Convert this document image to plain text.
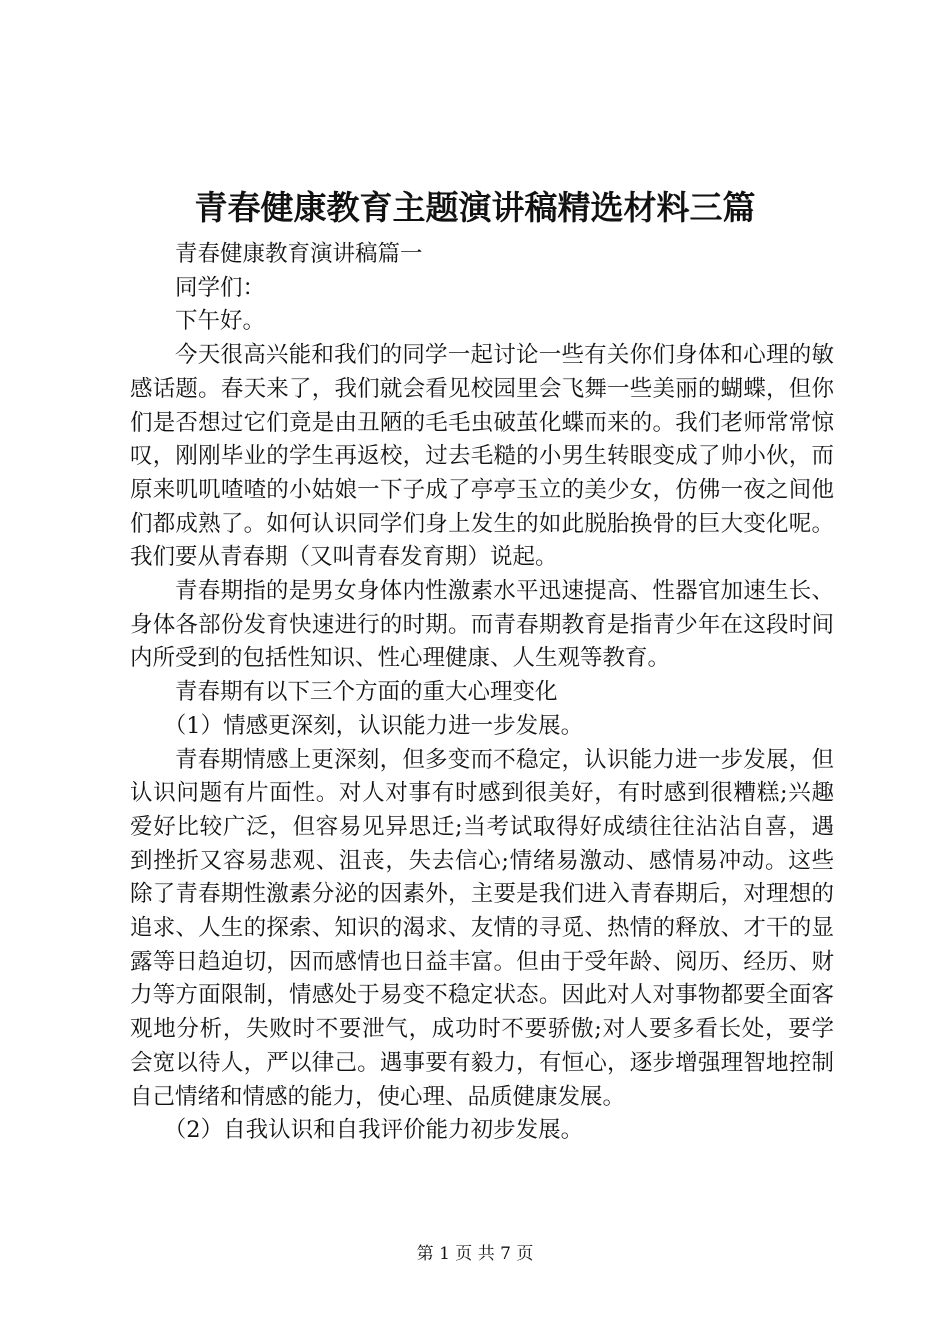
青春健康教育主题演讲稿精选材料三篇

青春健康教育演讲稿篇一

同学们：

下午好。

今天很高兴能和我们的同学一起讨论一些有关你们身体和心理的敏感话题。春天来了，我们就会看见校园里会飞舞一些美丽的蝴蝶，但你们是否想过它们竟是由丑陋的毛毛虫破茧化蝶而来的。我们老师常常惊叹，刚刚毕业的学生再返校，过去毛糙的小男生转眼变成了帅小伙，而原来叽叽喳喳的小姑娘一下子成了亭亭玉立的美少女，仿佛一夜之间他们都成熟了。如何认识同学们身上发生的如此脱胎换骨的巨大变化呢。我们要从青春期（又叫青春发育期）说起。

青春期指的是男女身体内性激素水平迅速提高、性器官加速生长、身体各部份发育快速进行的时期。而青春期教育是指青少年在这段时间内所受到的包括性知识、性心理健康、人生观等教育。

青春期有以下三个方面的重大心理变化

（1）情感更深刻，认识能力进一步发展。

青春期情感上更深刻，但多变而不稳定，认识能力进一步发展，但认识问题有片面性。对人对事有时感到很美好，有时感到很糟糕;兴趣爱好比较广泛，但容易见异思迁;当考试取得好成绩往往沾沾自喜，遇到挫折又容易悲观、沮丧，失去信心;情绪易激动、感情易冲动。这些除了青春期性激素分泌的因素外，主要是我们进入青春期后，对理想的追求、人生的探索、知识的渴求、友情的寻觅、热情的释放、才干的显露等日趋迫切，因而感情也日益丰富。但由于受年龄、阅历、经历、财力等方面限制，情感处于易变不稳定状态。因此对人对事物都要全面客观地分析，失败时不要泄气，成功时不要骄傲;对人要多看长处，要学会宽以待人，严以律己。遇事要有毅力，有恒心，逐步增强理智地控制自己情绪和情感的能力，使心理、品质健康发展。

（2）自我认识和自我评价能力初步发展。

第 1 页 共 7 页
